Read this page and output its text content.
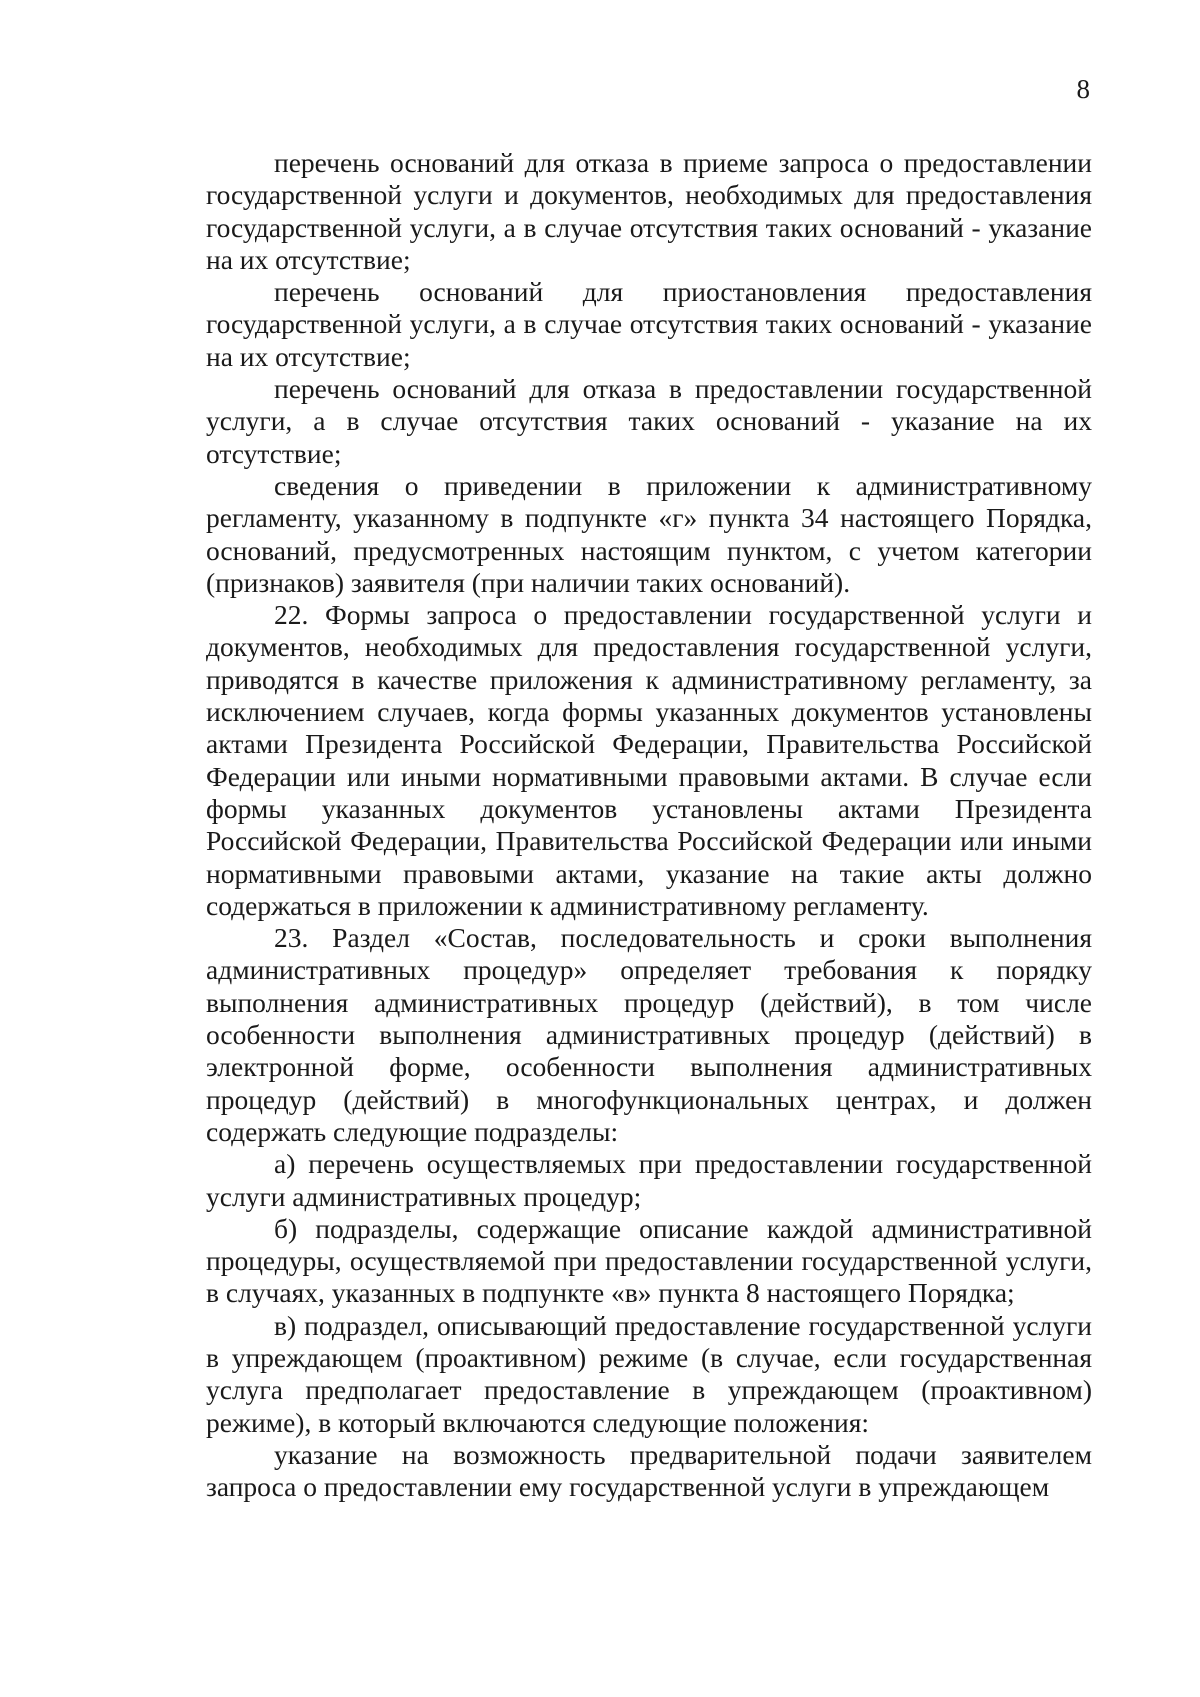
8

перечень оснований для отказа в приеме запроса о предоставлении государственной услуги и документов, необходимых для предоставления государственной услуги, а в случае отсутствия таких оснований - указание на их отсутствие;

перечень оснований для приостановления предоставления государственной услуги, а в случае отсутствия таких оснований - указание на их отсутствие;

перечень оснований для отказа в предоставлении государственной услуги, а в случае отсутствия таких оснований - указание на их отсутствие;

сведения о приведении в приложении к административному регламенту, указанному в подпункте «г» пункта 34 настоящего Порядка, оснований, предусмотренных настоящим пунктом, с учетом категории (признаков) заявителя (при наличии таких оснований).

22. Формы запроса о предоставлении государственной услуги и документов, необходимых для предоставления государственной услуги, приводятся в качестве приложения к административному регламенту, за исключением случаев, когда формы указанных документов установлены актами Президента Российской Федерации, Правительства Российской Федерации или иными нормативными правовыми актами. В случае если формы указанных документов установлены актами Президента Российской Федерации, Правительства Российской Федерации или иными нормативными правовыми актами, указание на такие акты должно содержаться в приложении к административному регламенту.

23. Раздел «Состав, последовательность и сроки выполнения административных процедур» определяет требования к порядку выполнения административных процедур (действий), в том числе особенности выполнения административных процедур (действий) в электронной форме, особенности выполнения административных процедур (действий) в многофункциональных центрах, и должен содержать следующие подразделы:

а) перечень осуществляемых при предоставлении государственной услуги административных процедур;

б) подразделы, содержащие описание каждой административной процедуры, осуществляемой при предоставлении государственной услуги, в случаях, указанных в подпункте «в» пункта 8 настоящего Порядка;

в) подраздел, описывающий предоставление государственной услуги в упреждающем (проактивном) режиме (в случае, если государственная услуга предполагает предоставление в упреждающем (проактивном) режиме), в который включаются следующие положения:

указание на возможность предварительной подачи заявителем запроса о предоставлении ему государственной услуги в упреждающем
